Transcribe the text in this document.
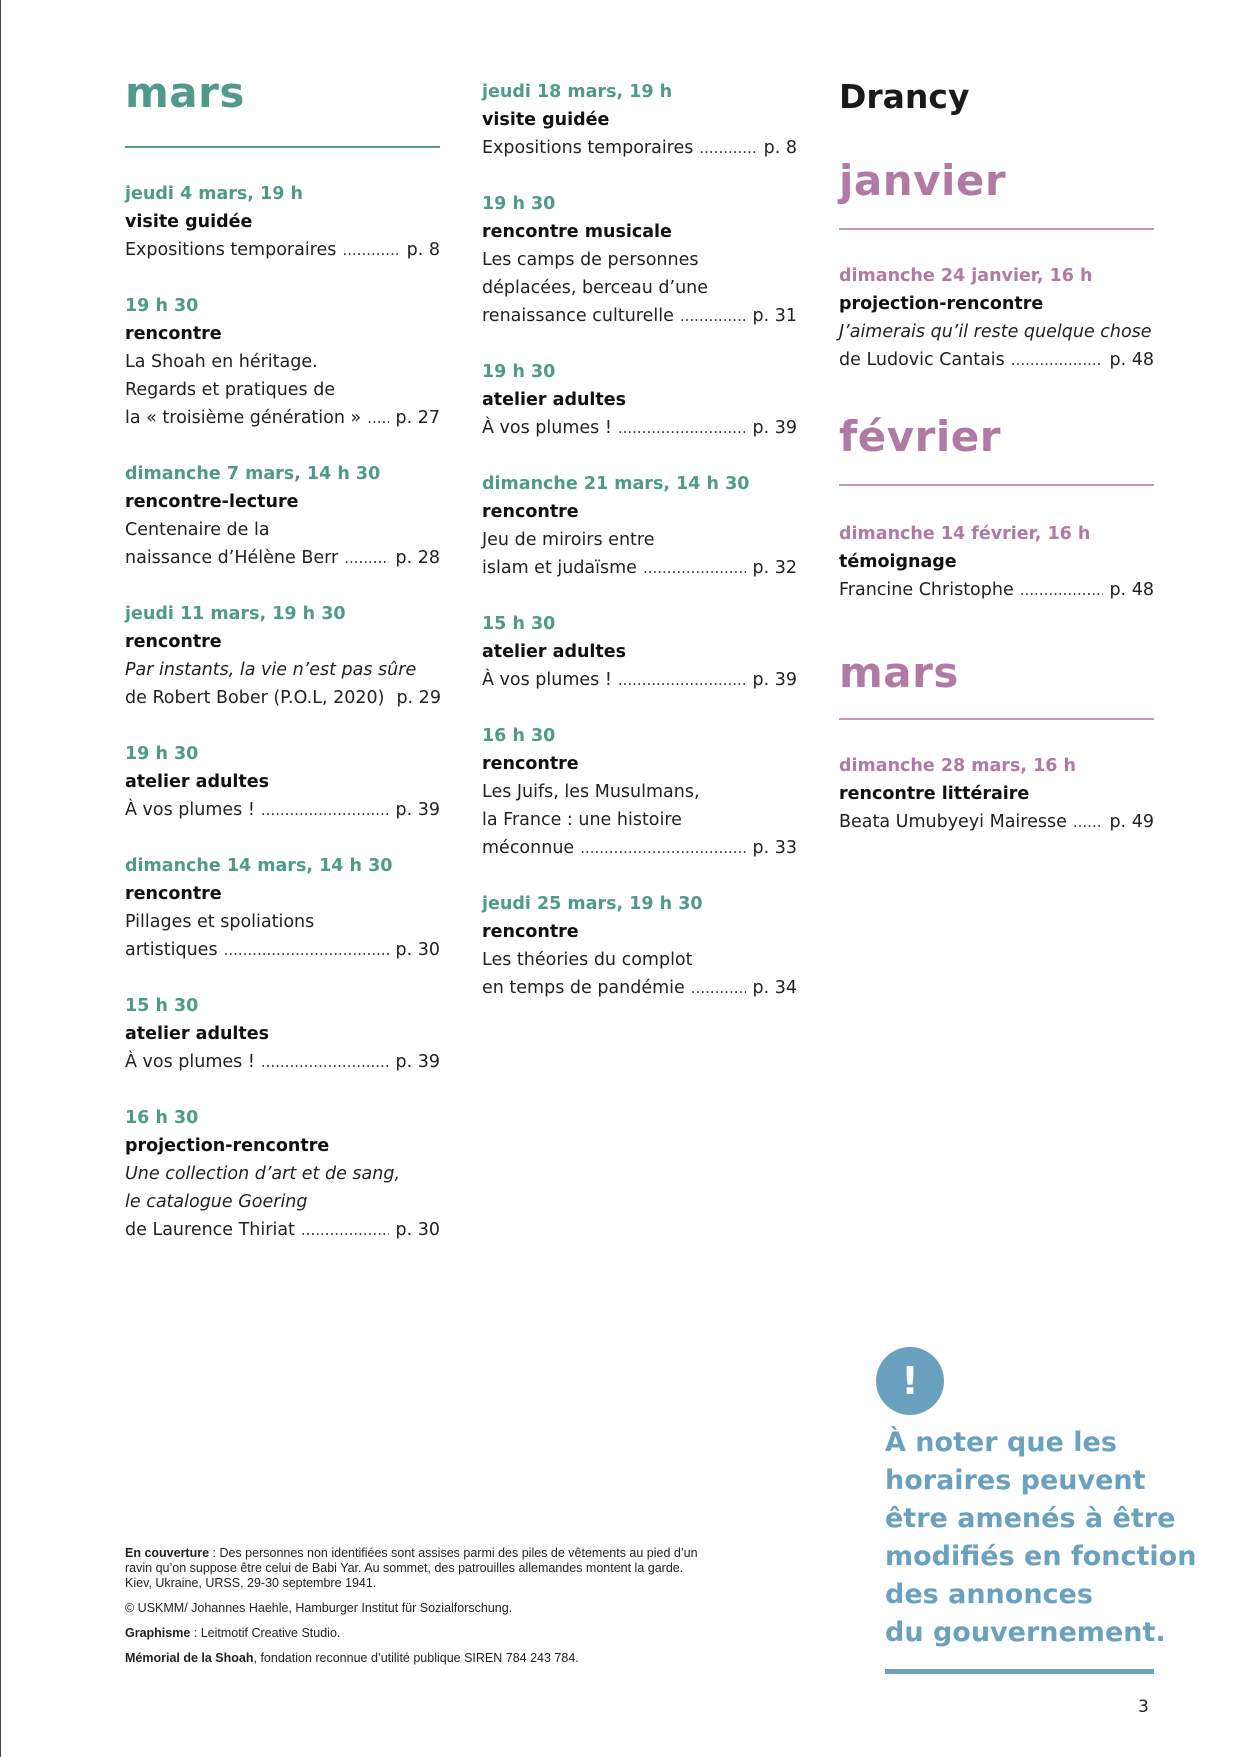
mars
jeudi 4 mars, 19 h
visite guidée
Expositions temporaires .....	p. 8
19 h 30
rencontre
La Shoah en héritage.
Regards et pratiques de
la « troisième génération » ..... p. 27
dimanche 7 mars, 14 h 30
rencontre-lecture
Centenaire de la
naissance d’Hélène Berr .....	p. 28
jeudi 11 mars, 19 h 30
rencontre
Par instants, la vie n’est pas sûre
de Robert Bober (P.O.L, 2020) p. 29
19 h 30
atelier adultes
À vos plumes ! .....	p. 39
dimanche 14 mars, 14 h 30
rencontre
Pillages et spoliations
artistiques .....	p. 30
15 h 30
atelier adultes
À vos plumes ! .....	p. 39
16 h 30
projection-rencontre
Une collection d’art et de sang,
le catalogue Goering
de Laurence Thiriat .....	p. 30
jeudi 18 mars, 19 h
visite guidée
Expositions temporaires .....	p. 8
19 h 30
rencontre musicale
Les camps de personnes
déplacées, berceau d’une
renaissance culturelle .....	p. 31
19 h 30
atelier adultes
À vos plumes ! .....	p. 39
dimanche 21 mars, 14 h 30
rencontre
Jeu de miroirs entre
islam et judaïsme .....	p. 32
15 h 30
atelier adultes
À vos plumes ! .....	p. 39
16 h 30
rencontre
Les Juifs, les Musulmans,
la France : une histoire
méconnue .....	p. 33
jeudi 25 mars, 19 h 30
rencontre
Les théories du complot
en temps de pandémie .....	p. 34
Drancy
janvier
dimanche 24 janvier, 16 h
projection-rencontre
J’aimerais qu’il reste quelque chose
de Ludovic Cantais .....	p. 48
février
dimanche 14 février, 16 h
témoignage
Francine Christophe .....	p. 48
mars
dimanche 28 mars, 16 h
rencontre littéraire
Beata Umubyeyi Mairesse ..... p. 49
!
À noter que les
horaires peuvent
être amenés à être
modifiés en fonction
des annonces
du gouvernement.
En couverture : Des personnes non identifiées sont assises parmi des piles de vêtements au pied d’un ravin qu’on suppose être celui de Babi Yar. Au sommet, des patrouilles allemandes montent la garde. Kiev, Ukraine, URSS, 29-30 septembre 1941.
© USKMM/ Johannes Haehle, Hamburger Institut für Sozialforschung.
Graphisme : Leitmotif Creative Studio.
Mémorial de la Shoah, fondation reconnue d’utilité publique SIREN 784 243 784.
3
